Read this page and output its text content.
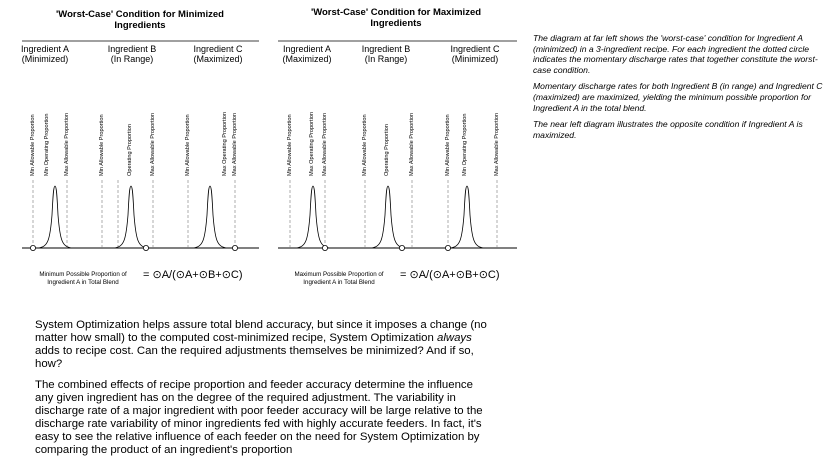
'Worst-Case' Condition for Minimized Ingredients
Ingredient A
(Minimized)
Ingredient B
(In Range)
Ingredient C
(Maximized)
Min Allowable Proportion Min Operating Proportion	Max Allowable Proportion	Min Allowable Proportion	Operating Proportion	Max Allowable Proportion	Min Allowable Proportion	Max Operating Proportion Max Allowable Proportion
Minimum Possible Proportion of Ingredient A in Total Blend
= ⊙A/(⊙A+⊙B+⊙C)
'Worst-Case' Condition for Maximized Ingredients
Ingredient A
(Maximized)
Ingredient B
(In Range)
Ingredient C
(Minimized)
Min Allowable Proportion	Max Operating Proportion Max Allowable Proportion	Min Allowable Proportion	Operating Proportion	Max Allowable Proportion	Min Allowable Proportion Min Operating Proportion	Max Allowable Proportion
Maximum Possible Proportion of Ingredient A in Total Blend
= ⊙A/(⊙A+⊙B+⊙C)

The diagram at far left shows the 'worst-case' condition for Ingredient A (minimized) in a 3-ingredient recipe. For each ingredient the dotted circle indicates the momentary discharge rates that together constitute the worst-case condition.

Momentary discharge rates for both Ingredient B (in range) and Ingredient C (maximized) are maximized, yielding the minimum possible proportion for Ingredient A in the total blend.

The near left diagram illustrates the opposite condition if Ingredient A is maximized.

System Optimization helps assure total blend accuracy, but since it imposes a change (no matter how small) to the computed cost-minimized recipe, System Optimization always adds to recipe cost. Can the required adjustments themselves be minimized? And if so, how?

The combined effects of recipe proportion and feeder accuracy determine the influence any given ingredient has on the degree of the required adjustment. The variability in discharge rate of a major ingredient with poor feeder accuracy will be large relative to the discharge rate variability of minor ingredients fed with highly accurate feeders. In fact, it's easy to see the relative influence of each feeder on the need for System Optimization by comparing the product of an ingredient's proportion
